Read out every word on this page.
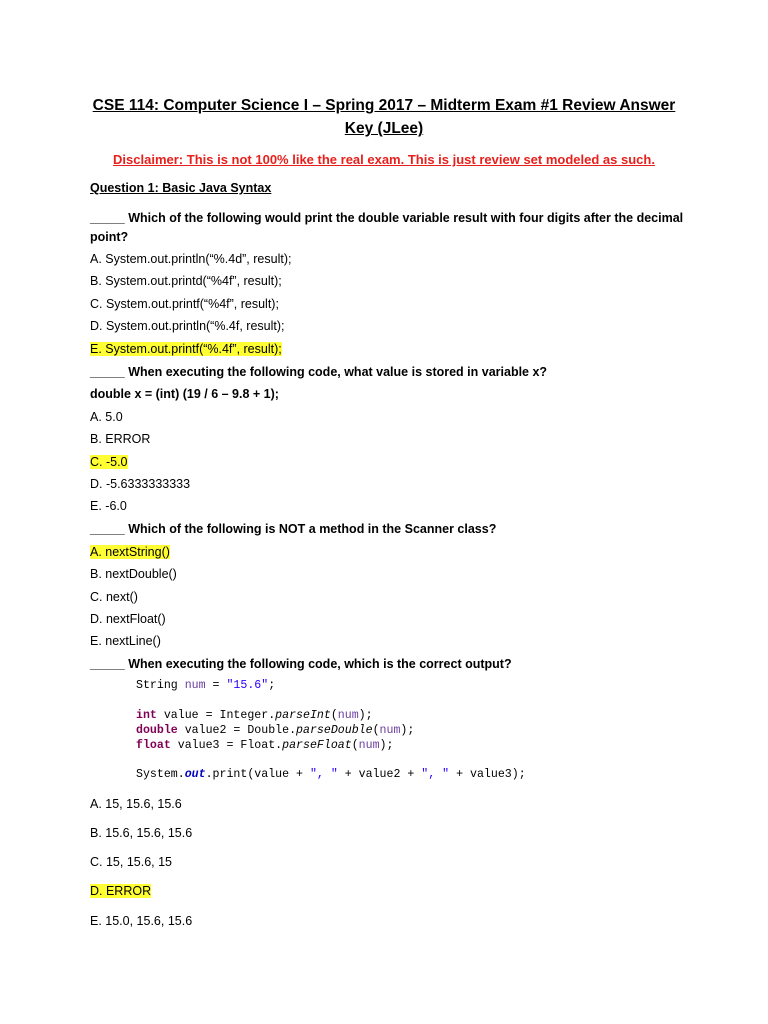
CSE 114: Computer Science I – Spring 2017 – Midterm Exam #1 Review Answer
Key (JLee)
Disclaimer: This is not 100% like the real exam. This is just review set modeled as such.
Question 1: Basic Java Syntax
_____ Which of the following would print the double variable result with four digits after the decimal
point?
A. System.out.println(“%.4d”, result);
B. System.out.printd(“%4f”, result);
C. System.out.printf(“%4f”, result);
D. System.out.println(“%.4f, result);
E. System.out.printf(“%.4f”, result);
_____ When executing the following code, what value is stored in variable x?
double x = (int) (19 / 6 – 9.8 + 1);
A. 5.0
B. ERROR
C. -5.0
D. -5.6333333333
E. -6.0
_____ Which of the following is NOT a method in the Scanner class?
A. nextString()
B. nextDouble()
C. next()
D. nextFloat()
E. nextLine()
_____ When executing the following code, which is the correct output?
String num = "15.6";
int value = Integer.parseInt(num);
double value2 = Double.parseDouble(num);
float value3 = Float.parseFloat(num);
System.out.print(value + ", " + value2 + ", " + value3);
A. 15, 15.6, 15.6
B. 15.6, 15.6, 15.6
C. 15, 15.6, 15
D. ERROR
E. 15.0, 15.6, 15.6
